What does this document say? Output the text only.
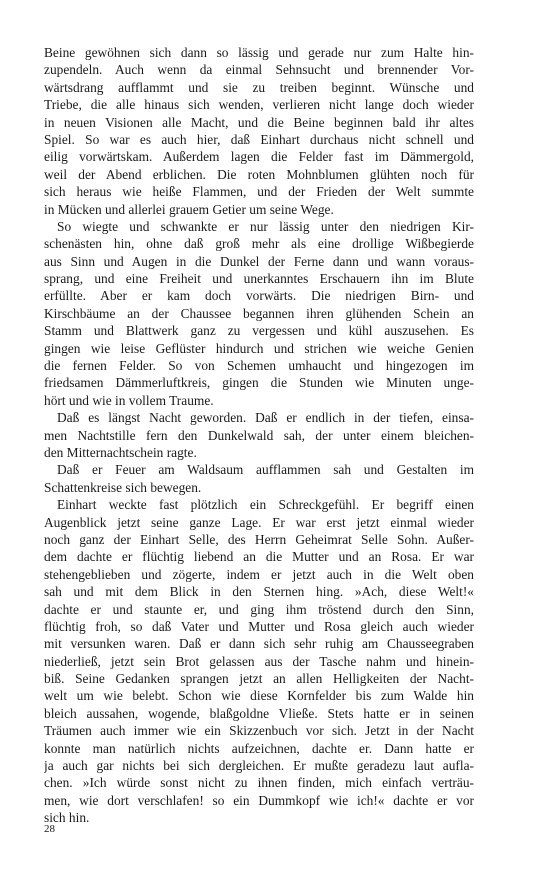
Beine gewöhnen sich dann so lässig und gerade nur zum Halte hin-
zupendeln. Auch wenn da einmal Sehnsucht und brennender Vor-
wärtsdrang aufflammt und sie zu treiben beginnt. Wünsche und
Triebe, die alle hinaus sich wenden, verlieren nicht lange doch wieder
in neuen Visionen alle Macht, und die Beine beginnen bald ihr altes
Spiel. So war es auch hier, daß Einhart durchaus nicht schnell und
eilig vorwärtskam. Außerdem lagen die Felder fast im Dämmergold,
weil der Abend erblichen. Die roten Mohnblumen glühten noch für
sich heraus wie heiße Flammen, und der Frieden der Welt summte
in Mücken und allerlei grauem Getier um seine Wege.
So wiegte und schwankte er nur lässig unter den niedrigen Kir-
schenästen hin, ohne daß groß mehr als eine drollige Wißbegierde
aus Sinn und Augen in die Dunkel der Ferne dann und wann voraus-
sprang, und eine Freiheit und unerkanntes Erschauern ihn im Blute
erfüllte. Aber er kam doch vorwärts. Die niedrigen Birn- und
Kirschbäume an der Chaussee begannen ihren glühenden Schein an
Stamm und Blattwerk ganz zu vergessen und kühl auszusehen. Es
gingen wie leise Geflüster hindurch und strichen wie weiche Genien
die fernen Felder. So von Schemen umhaucht und hingezogen im
friedsamen Dämmerluftkreis, gingen die Stunden wie Minuten unge-
hört und wie in vollem Traume.
Daß es längst Nacht geworden. Daß er endlich in der tiefen, einsa-
men Nachtstille fern den Dunkelwald sah, der unter einem bleichen-
den Mitternachtschein ragte.
Daß er Feuer am Waldsaum aufflammen sah und Gestalten im
Schattenkreise sich bewegen.
Einhart weckte fast plötzlich ein Schreckgefühl. Er begriff einen
Augenblick jetzt seine ganze Lage. Er war erst jetzt einmal wieder
noch ganz der Einhart Selle, des Herrn Geheimrat Selle Sohn. Außer-
dem dachte er flüchtig liebend an die Mutter und an Rosa. Er war
stehengeblieben und zögerte, indem er jetzt auch in die Welt oben
sah und mit dem Blick in den Sternen hing. »Ach, diese Welt!«
dachte er und staunte er, und ging ihm tröstend durch den Sinn,
flüchtig froh, so daß Vater und Mutter und Rosa gleich auch wieder
mit versunken waren. Daß er dann sich sehr ruhig am Chausseegraben
niederließ, jetzt sein Brot gelassen aus der Tasche nahm und hinein-
biß. Seine Gedanken sprangen jetzt an allen Helligkeiten der Nacht-
welt um wie belebt. Schon wie diese Kornfelder bis zum Walde hin
bleich aussahen, wogende, blaßgoldne Vließe. Stets hatte er in seinen
Träumen auch immer wie ein Skizzenbuch vor sich. Jetzt in der Nacht
konnte man natürlich nichts aufzeichnen, dachte er. Dann hatte er
ja auch gar nichts bei sich dergleichen. Er mußte geradezu laut aufla-
chen. »Ich würde sonst nicht zu ihnen finden, mich einfach verträu-
men, wie dort verschlafen! so ein Dummkopf wie ich!« dachte er vor
sich hin.
28
